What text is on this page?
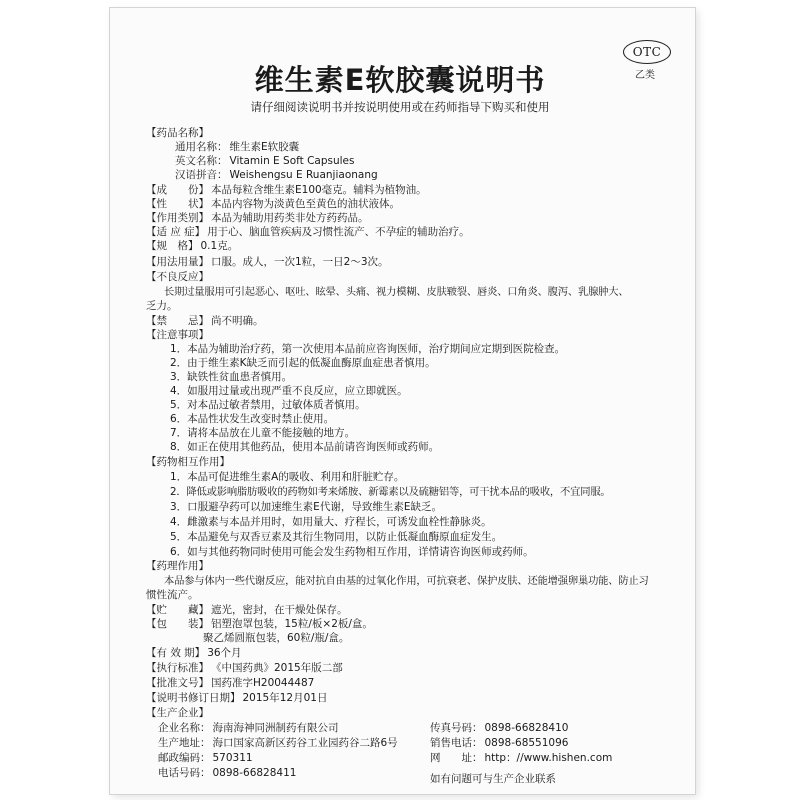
OTC
乙类
维生素E软胶囊说明书
请仔细阅读说明书并按说明使用或在药师指导下购买和使用
【药品名称】
通用名称： 维生素E软胶囊
英文名称： Vitamin E Soft Capsules
汉语拼音： Weishengsu E Ruanjiaonang
【成　　份】 本品每粒含维生素E100毫克。辅料为植物油。
【性　　状】 本品内容物为淡黄色至黄色的油状液体。
【作用类别】 本品为辅助用药类非处方药药品。
【适 应 症】 用于心、脑血管疾病及习惯性流产、不孕症的辅助治疗。
【规　格】 0.1克。
【用法用量】 口服。成人，一次1粒，一日2～3次。
【不良反应】
长期过量服用可引起恶心、呕吐、眩晕、头痛、视力模糊、皮肤皲裂、唇炎、口角炎、腹泻、乳腺肿大、
乏力。
【禁　　忌】 尚不明确。
【注意事项】
1．本品为辅助治疗药，第一次使用本品前应咨询医师，治疗期间应定期到医院检查。
2．由于维生素K缺乏而引起的低凝血酶原血症患者慎用。
3．缺铁性贫血患者慎用。
4．如服用过量或出现严重不良反应，应立即就医。
5．对本品过敏者禁用，过敏体质者慎用。
6．本品性状发生改变时禁止使用。
7．请将本品放在儿童不能接触的地方。
8．如正在使用其他药品，使用本品前请咨询医师或药师。
【药物相互作用】
1．本品可促进维生素A的吸收、利用和肝脏贮存。
2．降低或影响脂肪吸收的药物如考来烯胺、新霉素以及硫糖铝等，可干扰本品的吸收，不宜同服。
3．口服避孕药可以加速维生素E代谢，导致维生素E缺乏。
4．雌激素与本品并用时，如用量大、疗程长，可诱发血栓性静脉炎。
5．本品避免与双香豆素及其衍生物同用，以防止低凝血酶原血症发生。
6．如与其他药物同时使用可能会发生药物相互作用，详情请咨询医师或药师。
【药理作用】
本品参与体内一些代谢反应，能对抗自由基的过氧化作用，可抗衰老、保护皮肤、还能增强卵巢功能、防止习
惯性流产。
【贮　　藏】 遮光，密封，在干燥处保存。
【包　　装】 铝塑泡罩包装，15粒/板×2板/盒。
聚乙烯圆瓶包装，60粒/瓶/盒。
【有 效 期】 36个月
【执行标准】 《中国药典》2015年版二部
【批准文号】 国药准字H20044487
【说明书修订日期】 2015年12月01日
【生产企业】
企业名称： 海南海神同洲制药有限公司
生产地址： 海口国家高新区药谷工业园药谷二路6号
邮政编码： 570311
电话号码： 0898-66828411
传真号码： 0898-66828410
销售电话： 0898-68551096
网　　址： http：//www.hishen.com
如有问题可与生产企业联系
